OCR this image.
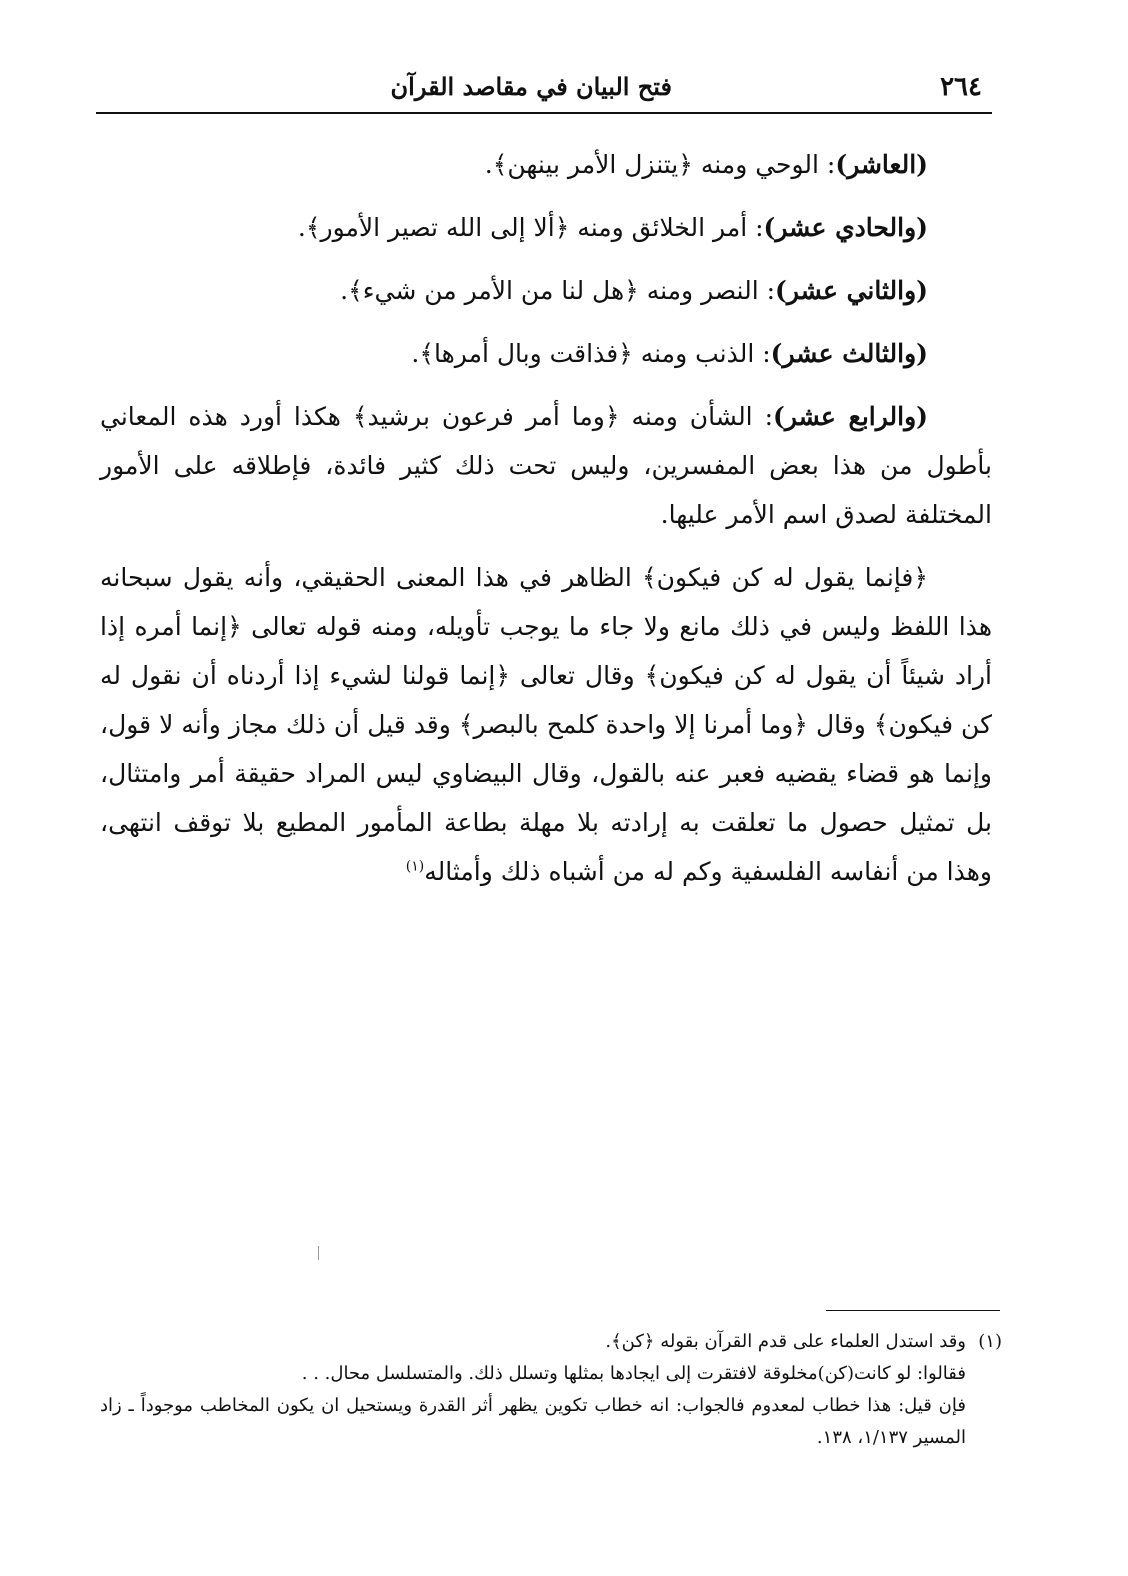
٢٦٤
فتح البيان في مقاصد القرآن

(العاشر): الوحي ومنه ﴿يتنزل الأمر بينهن﴾.

(والحادي عشر): أمر الخلائق ومنه ﴿ألا إلى الله تصير الأمور﴾.

(والثاني عشر): النصر ومنه ﴿هل لنا من الأمر من شيء﴾.

(والثالث عشر): الذنب ومنه ﴿فذاقت وبال أمرها﴾.

(والرابع عشر): الشأن ومنه ﴿وما أمر فرعون برشيد﴾ هكذا أورد هذه المعاني بأطول من هذا بعض المفسرين، وليس تحت ذلك كثير فائدة، فإطلاقه على الأمور المختلفة لصدق اسم الأمر عليها.

﴿فإنما يقول له كن فيكون﴾ الظاهر في هذا المعنى الحقيقي، وأنه يقول سبحانه هذا اللفظ وليس في ذلك مانع ولا جاء ما يوجب تأويله، ومنه قوله تعالى ﴿إنما أمره إذا أراد شيئاً أن يقول له كن فيكون﴾ وقال تعالى ﴿إنما قولنا لشيء إذا أردناه أن نقول له كن فيكون﴾ وقال ﴿وما أمرنا إلا واحدة كلمح بالبصر﴾ وقد قيل أن ذلك مجاز وأنه لا قول، وإنما هو قضاء يقضيه فعبر عنه بالقول، وقال البيضاوي ليس المراد حقيقة أمر وامتثال، بل تمثيل حصول ما تعلقت به إرادته بلا مهلة بطاعة المأمور المطيع بلا توقف انتهى، وهذا من أنفاسه الفلسفية وكم له من أشباه ذلك وأمثاله$^{(١)}$

(١)وقد استدل العلماء على قدم القرآن بقوله ﴿كن﴾.

فقالوا: لو كانت(كن)مخلوقة لافتقرت إلى ايجادها بمثلها وتسلل ذلك. والمتسلسل محال. . .

فإن قيل: هذا خطاب لمعدوم فالجواب: انه خطاب تكوين يظهر أثر القدرة ويستحيل ان يكون المخاطب موجوداً ـ زاد المسير ١/١٣٧، ١٣٨.
